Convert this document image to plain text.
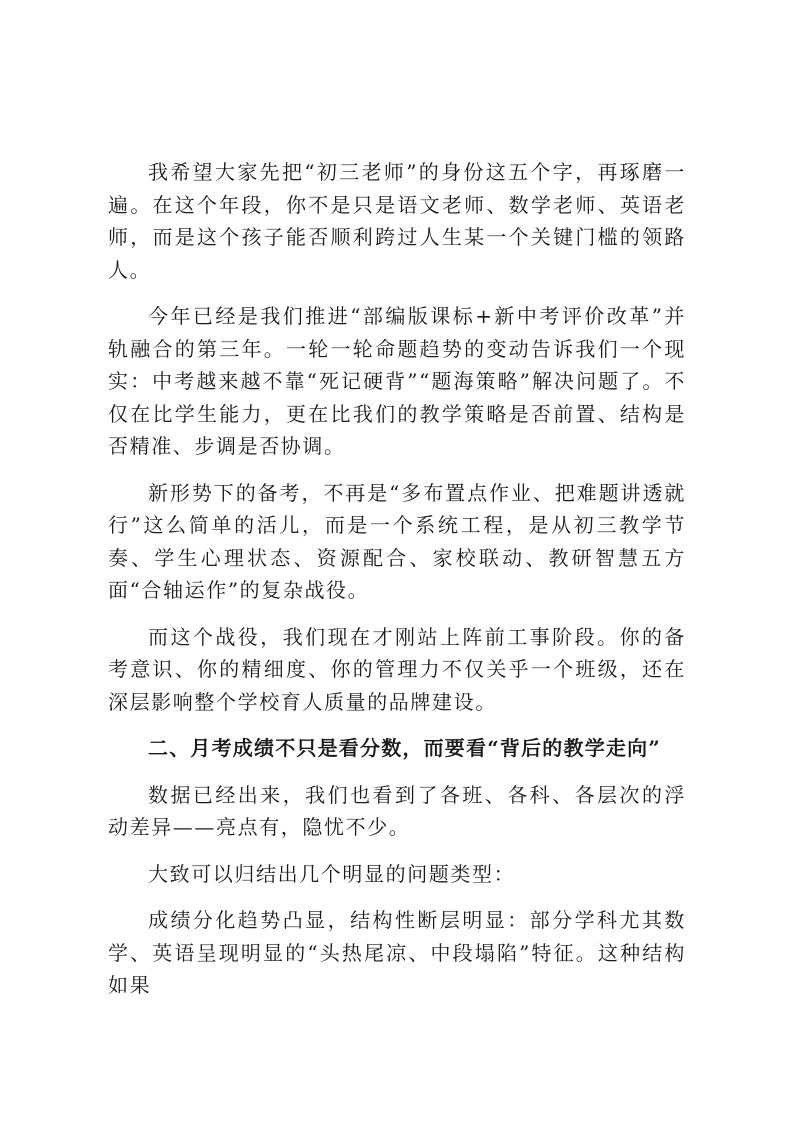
我希望大家先把“初三老师”的身份这五个字，再琢磨一遍。在这个年段，你不是只是语文老师、数学老师、英语老师，而是这个孩子能否顺利跨过人生某一个关键门槛的领路人。

今年已经是我们推进“部编版课标+新中考评价改革”并轨融合的第三年。一轮一轮命题趋势的变动告诉我们一个现实：中考越来越不靠“死记硬背”“题海策略”解决问题了。不仅在比学生能力，更在比我们的教学策略是否前置、结构是否精准、步调是否协调。

新形势下的备考，不再是“多布置点作业、把难题讲透就行”这么简单的活儿，而是一个系统工程，是从初三教学节奏、学生心理状态、资源配合、家校联动、教研智慧五方面“合轴运作”的复杂战役。

而这个战役，我们现在才刚站上阵前工事阶段。你的备考意识、你的精细度、你的管理力不仅关乎一个班级，还在深层影响整个学校育人质量的品牌建设。

二、月考成绩不只是看分数，而要看“背后的教学走向”

数据已经出来，我们也看到了各班、各科、各层次的浮动差异——亮点有，隐忧不少。

大致可以归结出几个明显的问题类型：

成绩分化趋势凸显，结构性断层明显：部分学科尤其数学、英语呈现明显的“头热尾凉、中段塌陷”特征。这种结构如果
